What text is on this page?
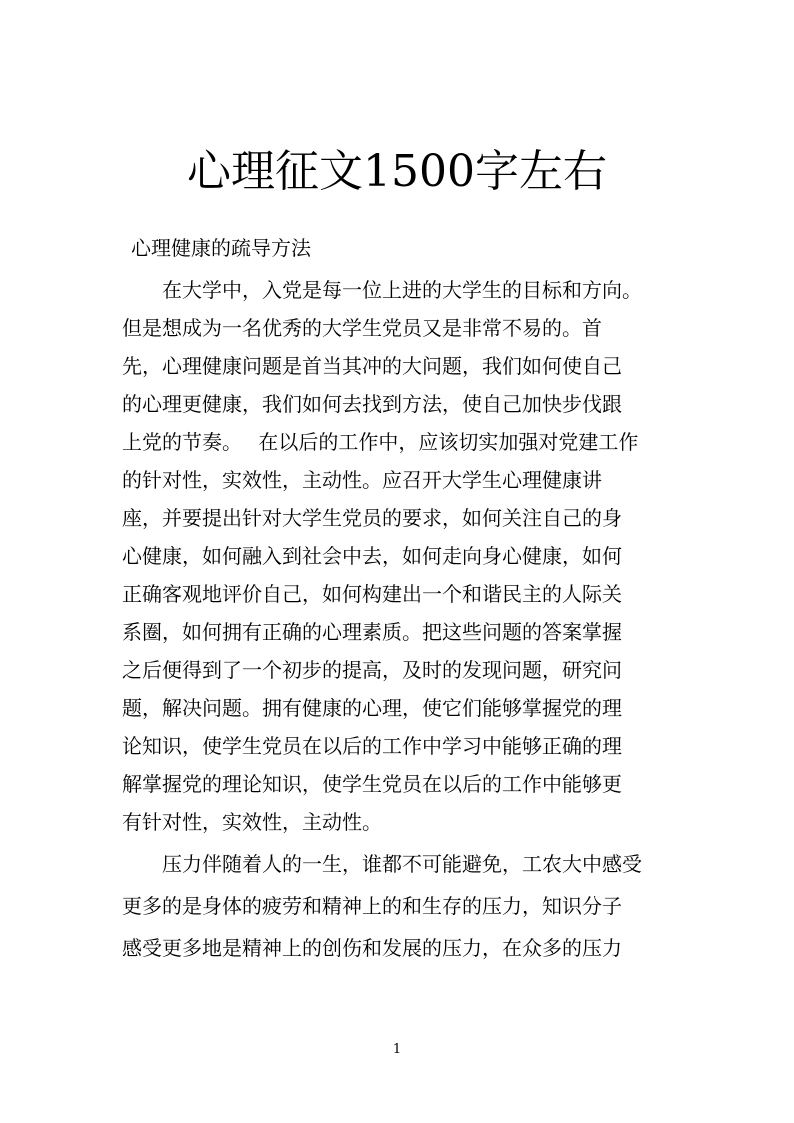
心理征文1500字左右
心理健康的疏导方法
　　在大学中，入党是每一位上进的大学生的目标和方向。
但是想成为一名优秀的大学生党员又是非常不易的。首
先，心理健康问题是首当其冲的大问题，我们如何使自己
的心理更健康，我们如何去找到方法，使自己加快步伐跟
上党的节奏。　 在以后的工作中，应该切实加强对党建工作
的针对性，实效性，主动性。应召开大学生心理健康讲
座，并要提出针对大学生党员的要求，如何关注自己的身
心健康，如何融入到社会中去，如何走向身心健康，如何
正确客观地评价自己，如何构建出一个和谐民主的人际关
系圈，如何拥有正确的心理素质。把这些问题的答案掌握
之后便得到了一个初步的提高，及时的发现问题，研究问
题，解决问题。拥有健康的心理，使它们能够掌握党的理
论知识，使学生党员在以后的工作中学习中能够正确的理
解掌握党的理论知识，使学生党员在以后的工作中能够更
有针对性，实效性，主动性。
　　压力伴随着人的一生，谁都不可能避免，工农大中感受
更多的是身体的疲劳和精神上的和生存的压力，知识分子
感受更多地是精神上的创伤和发展的压力，在众多的压力
1
